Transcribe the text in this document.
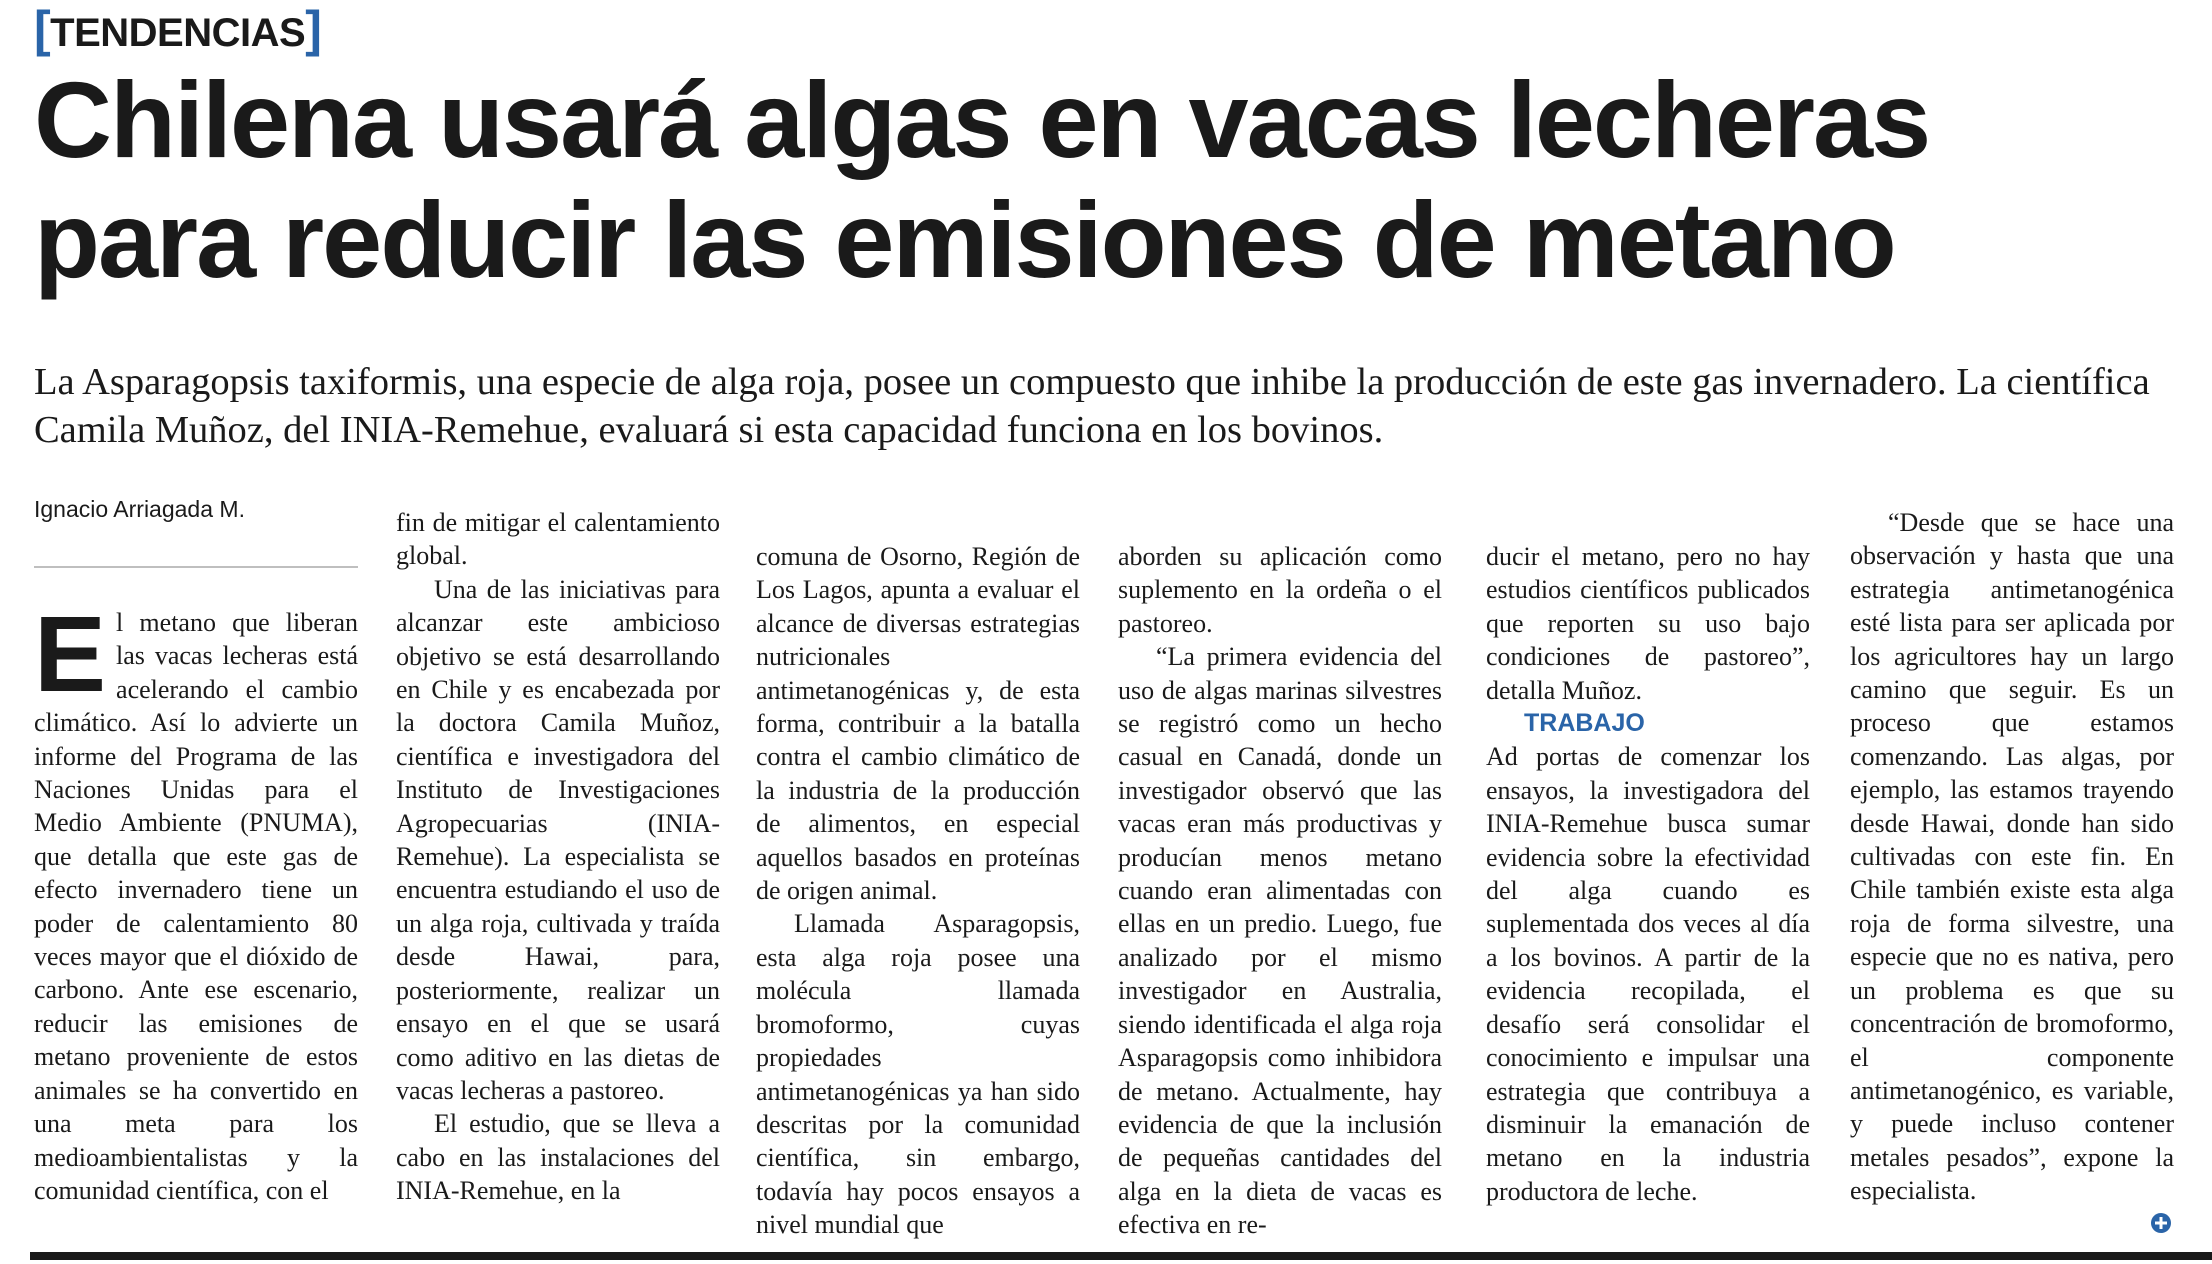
[TENDENCIAS]
Chilena usará algas en vacas lecheras
para reducir las emisiones de metano
La Asparagopsis taxiformis, una especie de alga roja, posee un compuesto que inhibe la producción de este gas invernadero. La científica Camila Muñoz, del INIA-Remehue, evaluará si esta capacidad funciona en los bovinos.
Ignacio Arriagada M.

El metano que liberan las vacas lecheras está acelerando el cambio climático. Así lo advierte un informe del Programa de las Naciones Unidas para el Medio Ambiente (PNUMA), que detalla que este gas de efecto invernadero tiene un poder de calentamiento 80 veces mayor que el dióxido de carbono. Ante ese escenario, reducir las emisiones de metano proveniente de estos animales se ha convertido en una meta para los medioambientalistas y la comunidad científica, con el

fin de mitigar el calentamiento global.

Una de las iniciativas para alcanzar este ambicioso objetivo se está desarrollando en Chile y es encabezada por la doctora Camila Muñoz, científica e investigadora del Instituto de Investigaciones Agropecuarias (INIA-Remehue). La especialista se encuentra estudiando el uso de un alga roja, cultivada y traída desde Hawai, para, posteriormente, realizar un ensayo en el que se usará como aditivo en las dietas de vacas lecheras a pastoreo.

El estudio, que se lleva a cabo en las instalaciones del INIA-Remehue, en la

comuna de Osorno, Región de Los Lagos, apunta a evaluar el alcance de diversas estrategias nutricionales antimetanogénicas y, de esta forma, contribuir a la batalla contra el cambio climático de la industria de la producción de alimentos, en especial aquellos basados en proteínas de origen animal.

Llamada Asparagopsis, esta alga roja posee una molécula llamada bromoformo, cuyas propiedades antimetanogénicas ya han sido descritas por la comunidad científica, sin embargo, todavía hay pocos ensayos a nivel mundial que

aborden su aplicación como suplemento en la ordeña o el pastoreo.

“La primera evidencia del uso de algas marinas silvestres se registró como un hecho casual en Canadá, donde un investigador observó que las vacas eran más productivas y producían menos metano cuando eran alimentadas con ellas en un predio. Luego, fue analizado por el mismo investigador en Australia, siendo identificada el alga roja Asparagopsis como inhibidora de metano. Actualmente, hay evidencia de que la inclusión de pequeñas cantidades del alga en la dieta de vacas es efectiva en re-

ducir el metano, pero no hay estudios científicos publicados que reporten su uso bajo condiciones de pastoreo”, detalla Muñoz.

TRABAJO

Ad portas de comenzar los ensayos, la investigadora del INIA-Remehue busca sumar evidencia sobre la efectividad del alga cuando es suplementada dos veces al día a los bovinos. A partir de la evidencia recopilada, el desafío será consolidar el conocimiento e impulsar una estrategia que contribuya a disminuir la emanación de metano en la industria productora de leche.

“Desde que se hace una observación y hasta que una estrategia antimetanogénica esté lista para ser aplicada por los agricultores hay un largo camino que seguir. Es un proceso que estamos comenzando. Las algas, por ejemplo, las estamos trayendo desde Hawai, donde han sido cultivadas con este fin. En Chile también existe esta alga roja de forma silvestre, una especie que no es nativa, pero un problema es que su concentración de bromoformo, el componente antimetanogénico, es variable, y puede incluso contener metales pesados”, expone la especialista.
